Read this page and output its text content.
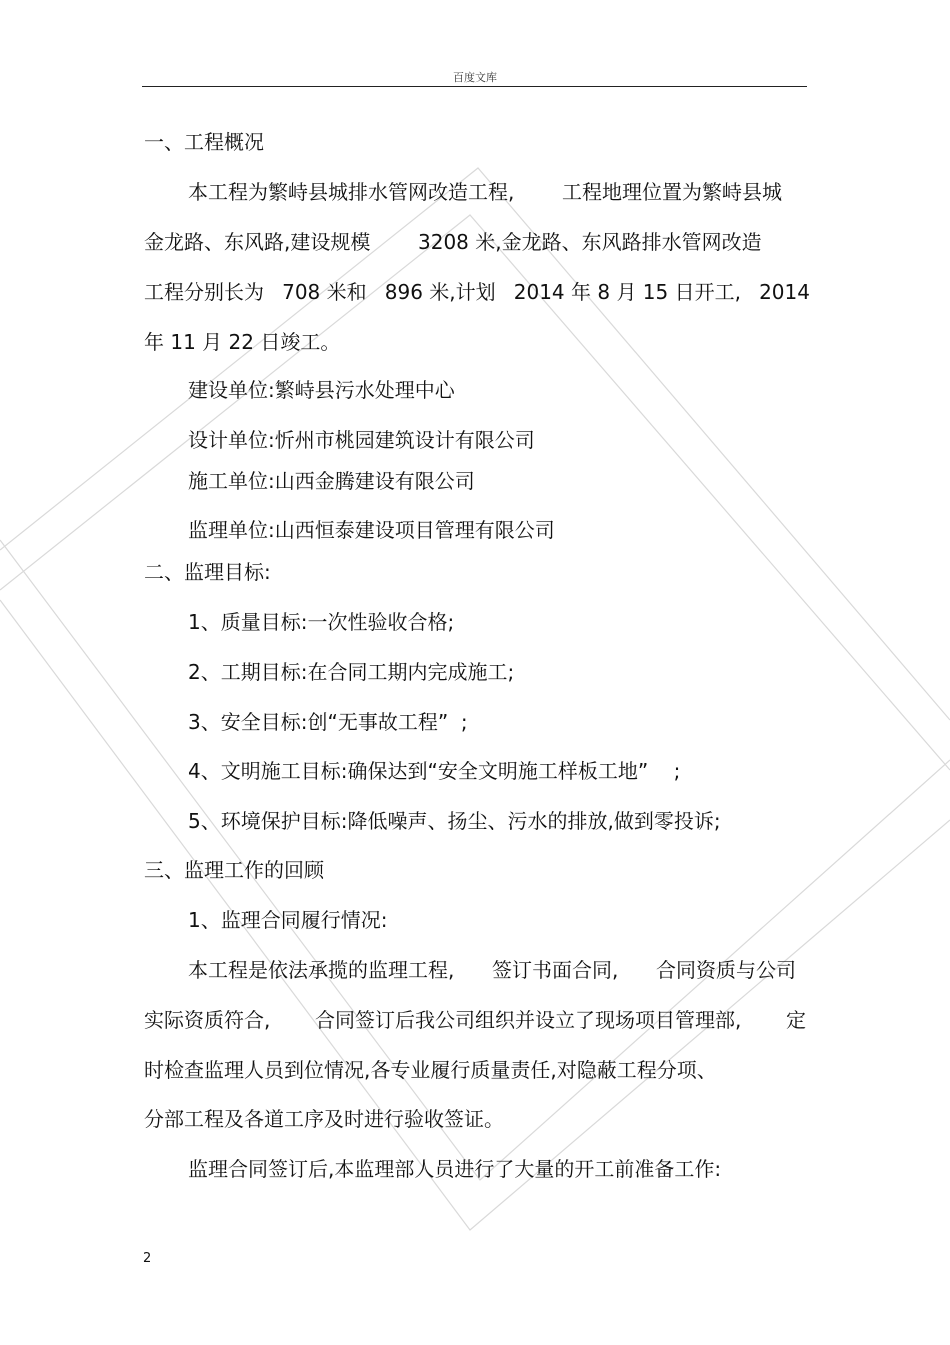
百度文库
一、工程概况
本工程为繁峙县城排水管网改造工程, 工程地理位置为繁峙县城
金龙路、东风路,建设规模 3208 米,金龙路、东风路排水管网改造
工程分别长为 708 米和 896 米,计划 2014 年 8 月 15 日开工, 2014
年 11 月 22 日竣工。
建设单位:繁峙县污水处理中心
设计单位:忻州市桃园建筑设计有限公司
施工单位:山西金腾建设有限公司
监理单位:山西恒泰建设项目管理有限公司
二、监理目标:
1、质量目标:一次性验收合格;
2、工期目标:在合同工期内完成施工;
3、安全目标:创“无事故工程”  ;
4、文明施工目标:确保达到“安全文明施工样板工地”    ;
5、环境保护目标:降低噪声、扬尘、污水的排放,做到零投诉;
三、监理工作的回顾
1、监理合同履行情况:
本工程是依法承揽的监理工程, 签订书面合同, 合同资质与公司
实际资质符合, 合同签订后我公司组织并设立了现场项目管理部, 定
时检查监理人员到位情况,各专业履行质量责任,对隐蔽工程分项、
分部工程及各道工序及时进行验收签证。
监理合同签订后,本监理部人员进行了大量的开工前准备工作:
2
